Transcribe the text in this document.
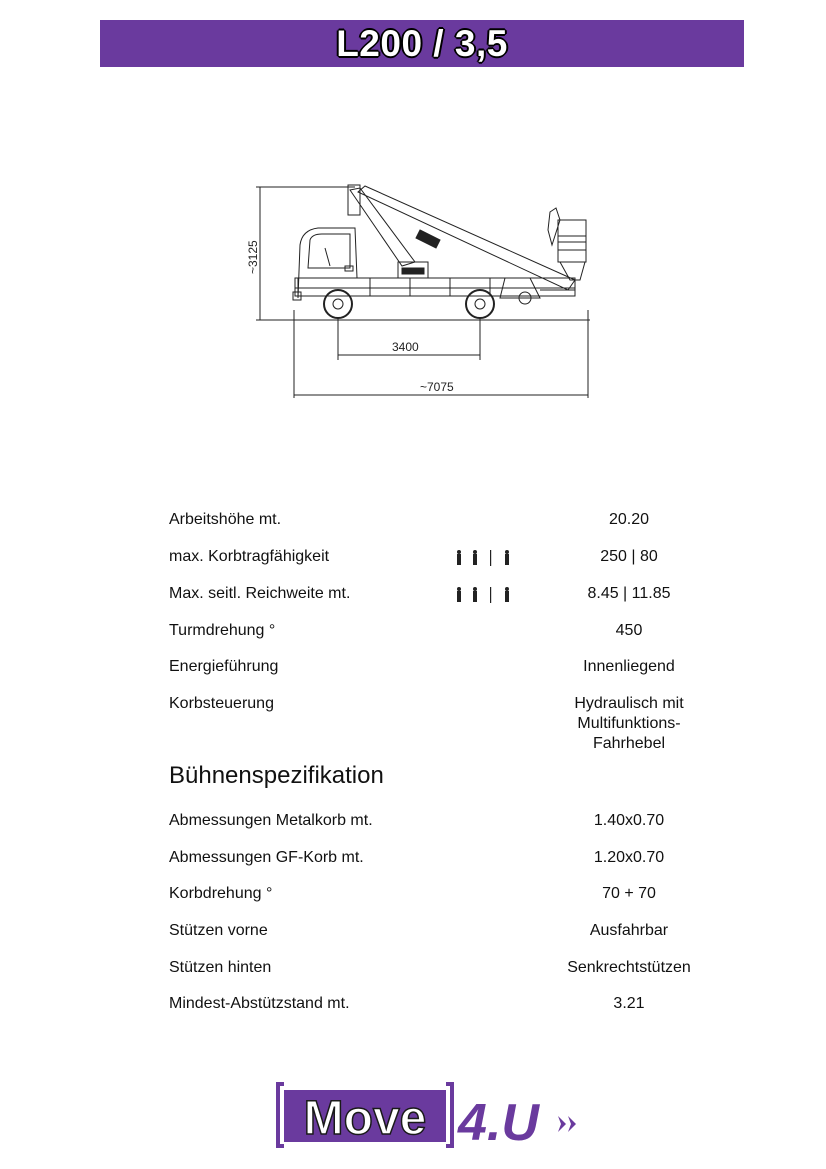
L200 / 3,5
~3125
3400
~7075
Arbeitshöhe mt.	20.20
max. Korbtragfähigkeit	250 | 80
Max. seitl. Reichweite mt.	8.45 | 11.85
Turmdrehung °	450
Energieführung	Innenliegend
Korbsteuerung	Hydraulisch mit
Multifunktions-
Fahrhebel
Bühnenspezifikation
Abmessungen Metalkorb mt.	1.40x0.70
Abmessungen GF-Korb mt.	1.20x0.70
Korbdrehung °	70 + 70
Stützen vorne	Ausfahrbar
Stützen hinten	Senkrechtstützen
Mindest-Abstützstand mt.	3.21
Move 4.U
